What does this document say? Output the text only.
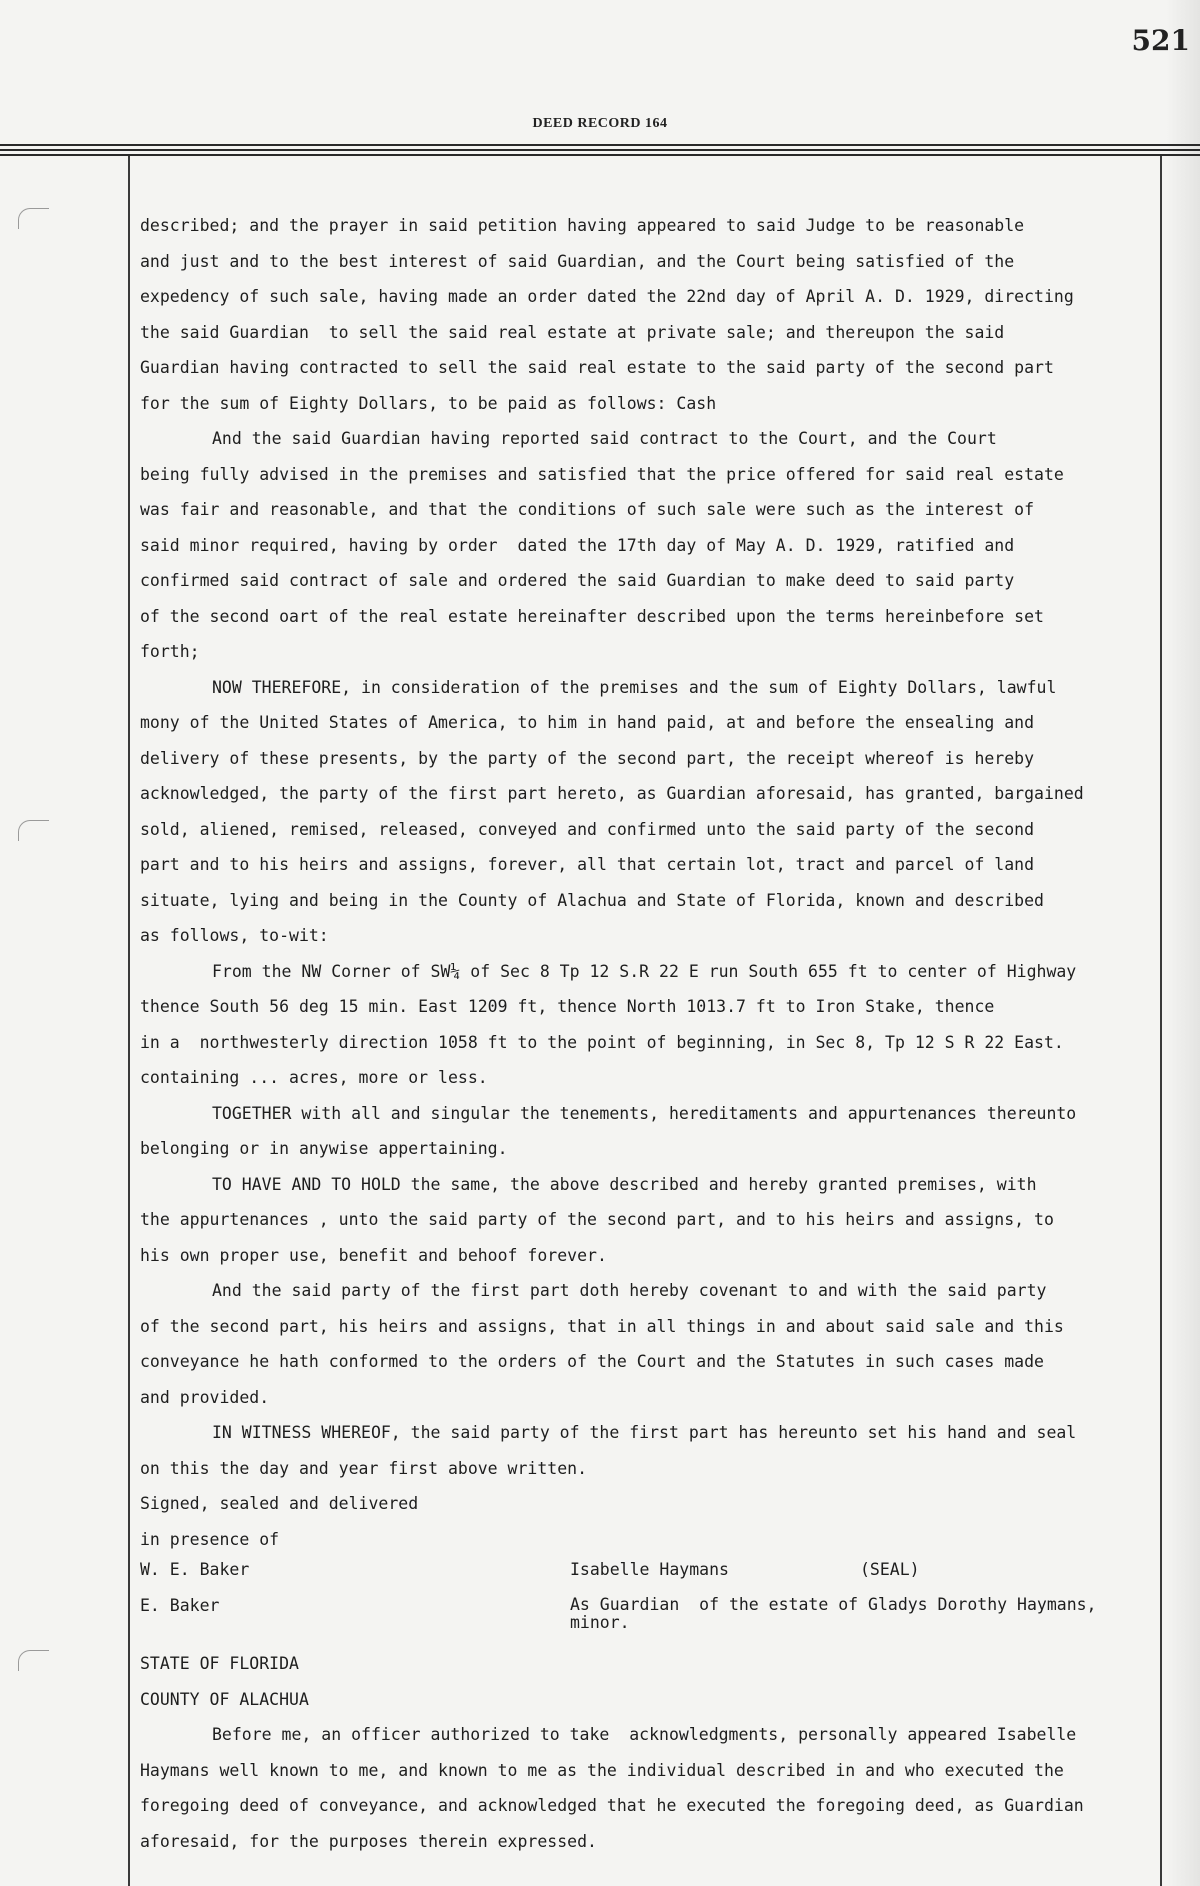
521
DEED RECORD 164
described; and the prayer in said petition having appeared to said Judge to be reasonable
and just and to the best interest of said Guardian, and the Court being satisfied of the
expedency of such sale, having made an order dated the 22nd day of April A. D. 1929, directing
the said Guardian  to sell the said real estate at private sale; and thereupon the said
Guardian having contracted to sell the said real estate to the said party of the second part
for the sum of Eighty Dollars, to be paid as follows: Cash
And the said Guardian having reported said contract to the Court, and the Court
being fully advised in the premises and satisfied that the price offered for said real estate
was fair and reasonable, and that the conditions of such sale were such as the interest of
said minor required, having by order  dated the 17th day of May A. D. 1929, ratified and
confirmed said contract of sale and ordered the said Guardian to make deed to said party
of the second oart of the real estate hereinafter described upon the terms hereinbefore set
forth;
NOW THEREFORE, in consideration of the premises and the sum of Eighty Dollars, lawful
mony of the United States of America, to him in hand paid, at and before the ensealing and
delivery of these presents, by the party of the second part, the receipt whereof is hereby
acknowledged, the party of the first part hereto, as Guardian aforesaid, has granted, bargained
sold, aliened, remised, released, conveyed and confirmed unto the said party of the second
part and to his heirs and assigns, forever, all that certain lot, tract and parcel of land
situate, lying and being in the County of Alachua and State of Florida, known and described
as follows, to-wit:
From the NW Corner of SW¼ of Sec 8 Tp 12 S.R 22 E run South 655 ft to center of Highway
thence South 56 deg 15 min. East 1209 ft, thence North 1013.7 ft to Iron Stake, thence
in a  northwesterly direction 1058 ft to the point of beginning, in Sec 8, Tp 12 S R 22 East.
containing ... acres, more or less.
TOGETHER with all and singular the tenements, hereditaments and appurtenances thereunto
belonging or in anywise appertaining.
TO HAVE AND TO HOLD the same, the above described and hereby granted premises, with
the appurtenances , unto the said party of the second part, and to his heirs and assigns, to
his own proper use, benefit and behoof forever.
And the said party of the first part doth hereby covenant to and with the said party
of the second part, his heirs and assigns, that in all things in and about said sale and this
conveyance he hath conformed to the orders of the Court and the Statutes in such cases made
and provided.
IN WITNESS WHEREOF, the said party of the first part has hereunto set his hand and seal
on this the day and year first above written.
Signed, sealed and delivered
in presence of
W. E. Baker	Isabelle Haymans	(SEAL)
E. Baker	As Guardian  of the estate of Gladys Dorothy Haymans,
minor.
STATE OF FLORIDA
COUNTY OF ALACHUA
Before me, an officer authorized to take  acknowledgments, personally appeared Isabelle
Haymans well known to me, and known to me as the individual described in and who executed the
foregoing deed of conveyance, and acknowledged that he executed the foregoing deed, as Guardian
aforesaid, for the purposes therein expressed.
